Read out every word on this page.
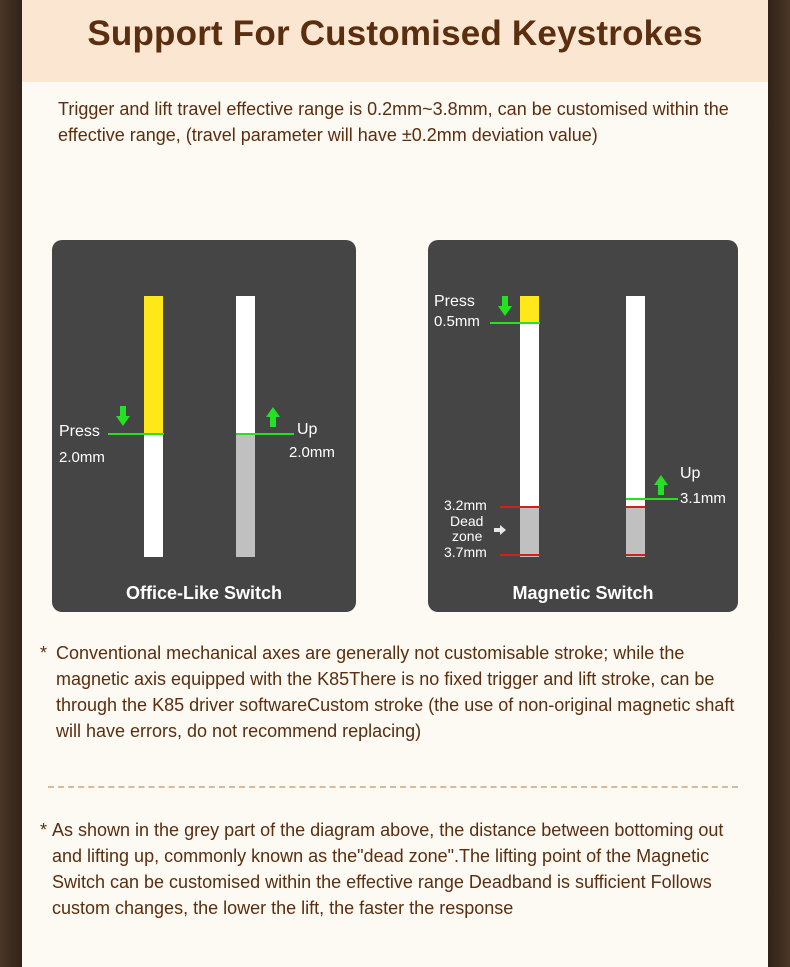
Support For Customised Keystrokes
Trigger and lift travel effective range is 0.2mm~3.8mm, can be customised within the effective range, (travel parameter will have ±0.2mm deviation value)
Press
2.0mm
Up
2.0mm
Office-Like Switch
Press
0.5mm
3.2mm
Dead
zone
3.7mm
Up
3.1mm
Magnetic Switch
* Conventional mechanical axes are generally not customisable stroke; while the magnetic axis equipped with the K85There is no fixed trigger and lift stroke, can be through the K85 driver softwareCustom stroke (the use of non-original magnetic shaft will have errors, do not recommend replacing)
* As shown in the grey part of the diagram above, the distance between bottoming out and lifting up, commonly known as the"dead zone".The lifting point of the Magnetic Switch can be customised within the effective range Deadband is sufficient Follows custom changes, the lower the lift, the faster the response
